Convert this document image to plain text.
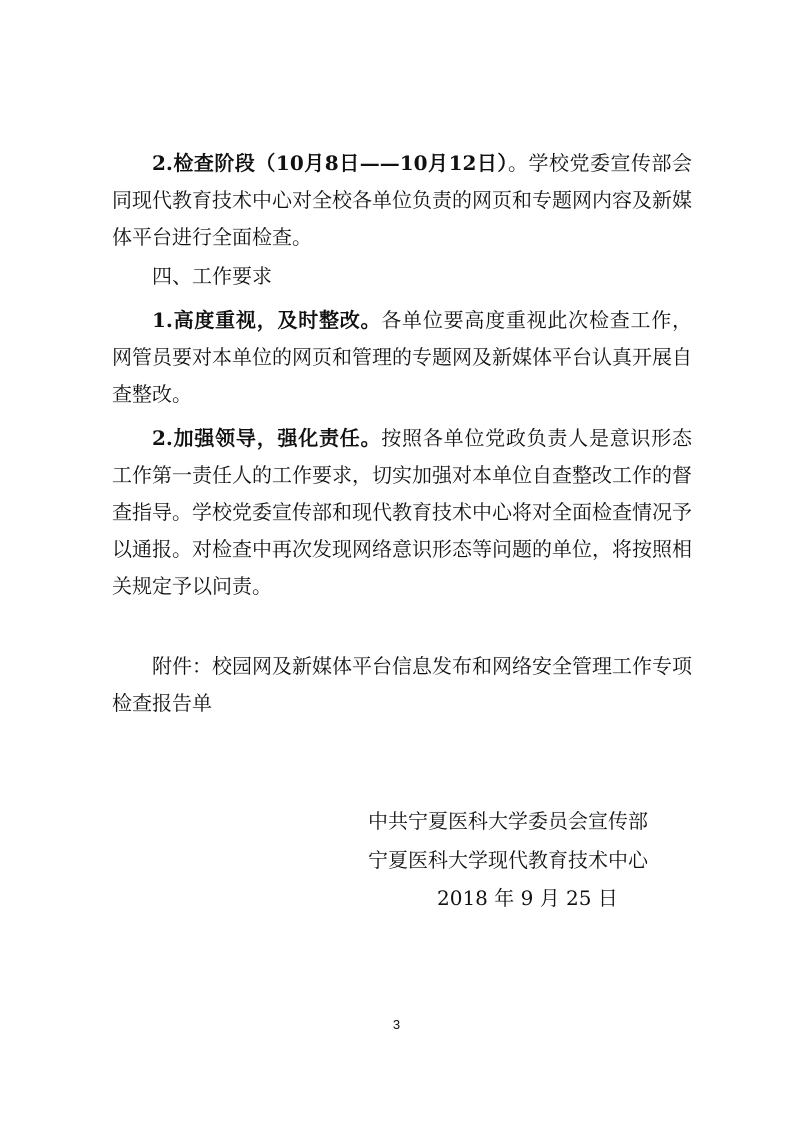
2.检查阶段（10月8日——10月12日）。学校党委宣传部会同现代教育技术中心对全校各单位负责的网页和专题网内容及新媒体平台进行全面检查。
四、工作要求
1.高度重视，及时整改。各单位要高度重视此次检查工作，网管员要对本单位的网页和管理的专题网及新媒体平台认真开展自查整改。
2.加强领导，强化责任。按照各单位党政负责人是意识形态工作第一责任人的工作要求，切实加强对本单位自查整改工作的督查指导。学校党委宣传部和现代教育技术中心将对全面检查情况予以通报。对检查中再次发现网络意识形态等问题的单位，将按照相关规定予以问责。
附件：校园网及新媒体平台信息发布和网络安全管理工作专项检查报告单
中共宁夏医科大学委员会宣传部
宁夏医科大学现代教育技术中心
2018 年 9 月 25 日
3
